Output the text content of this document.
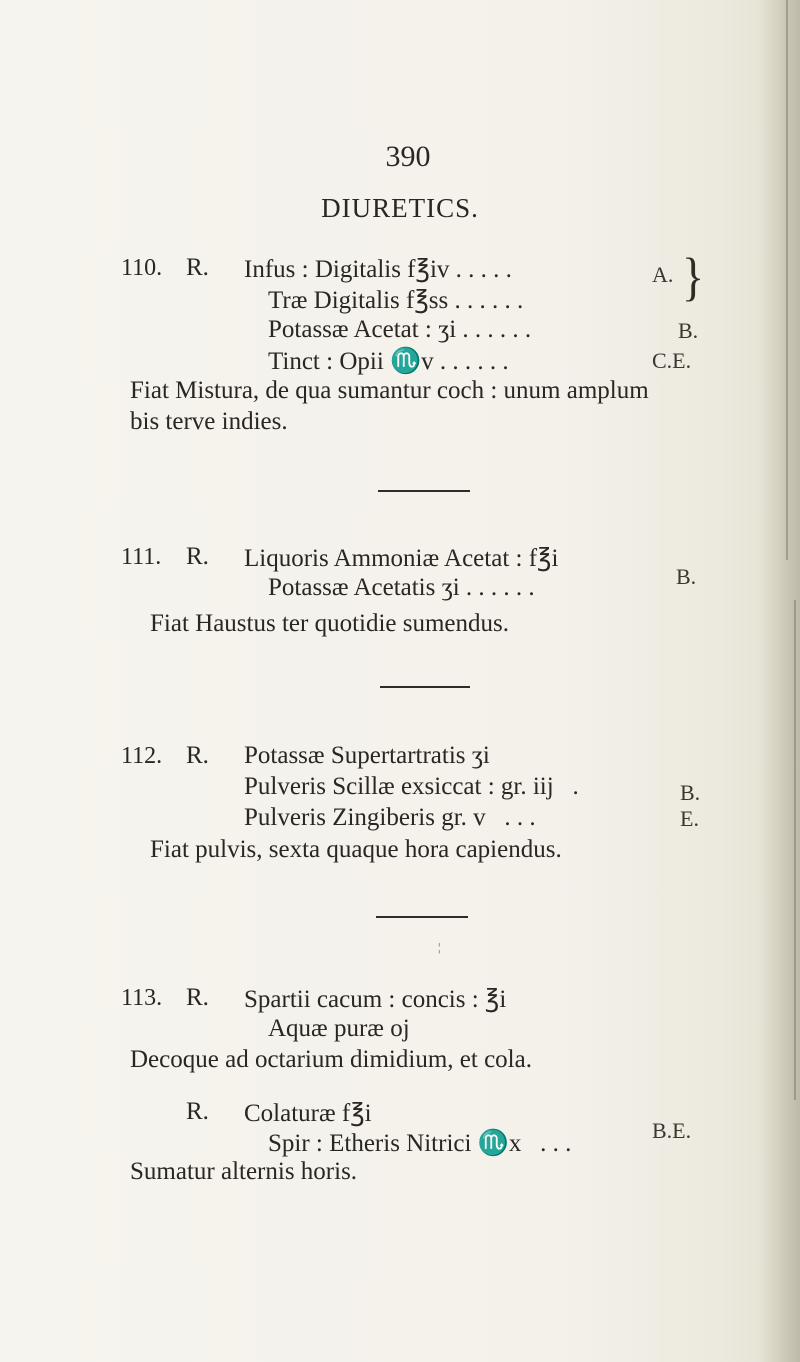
390
DIURETICS.
110. R. Infus : Digitalis f℥iv . . . . .
Træ Digitalis f℥ss . . . . . .
Potassæ Acetat : ʒi . . . . . .
Tinct : Opii ♏v . . . . . .
A. }
B.
C.E.
Fiat Mistura, de qua sumantur coch : unum amplum
bis terve indies.
111. R. Liquoris Ammoniæ Acetat : f℥i
Potassæ Acetatis ʒi . . . . . .	B.
Fiat Haustus ter quotidie sumendus.
112. R. Potassæ Supertartratis ʒi
Pulveris Scillæ exsiccat : gr. iij   .
Pulveris Zingiberis gr. v   . . .
B.
E.
Fiat pulvis, sexta quaque hora capiendus.
¦
113. R. Spartii cacum : concis : ℥i
Aquæ puræ oj
Decoque ad octarium dimidium, et cola.
R. Colaturæ f℥i
Spir : Etheris Nitrici ♏x   . . .	B.E.
Sumatur alternis horis.
